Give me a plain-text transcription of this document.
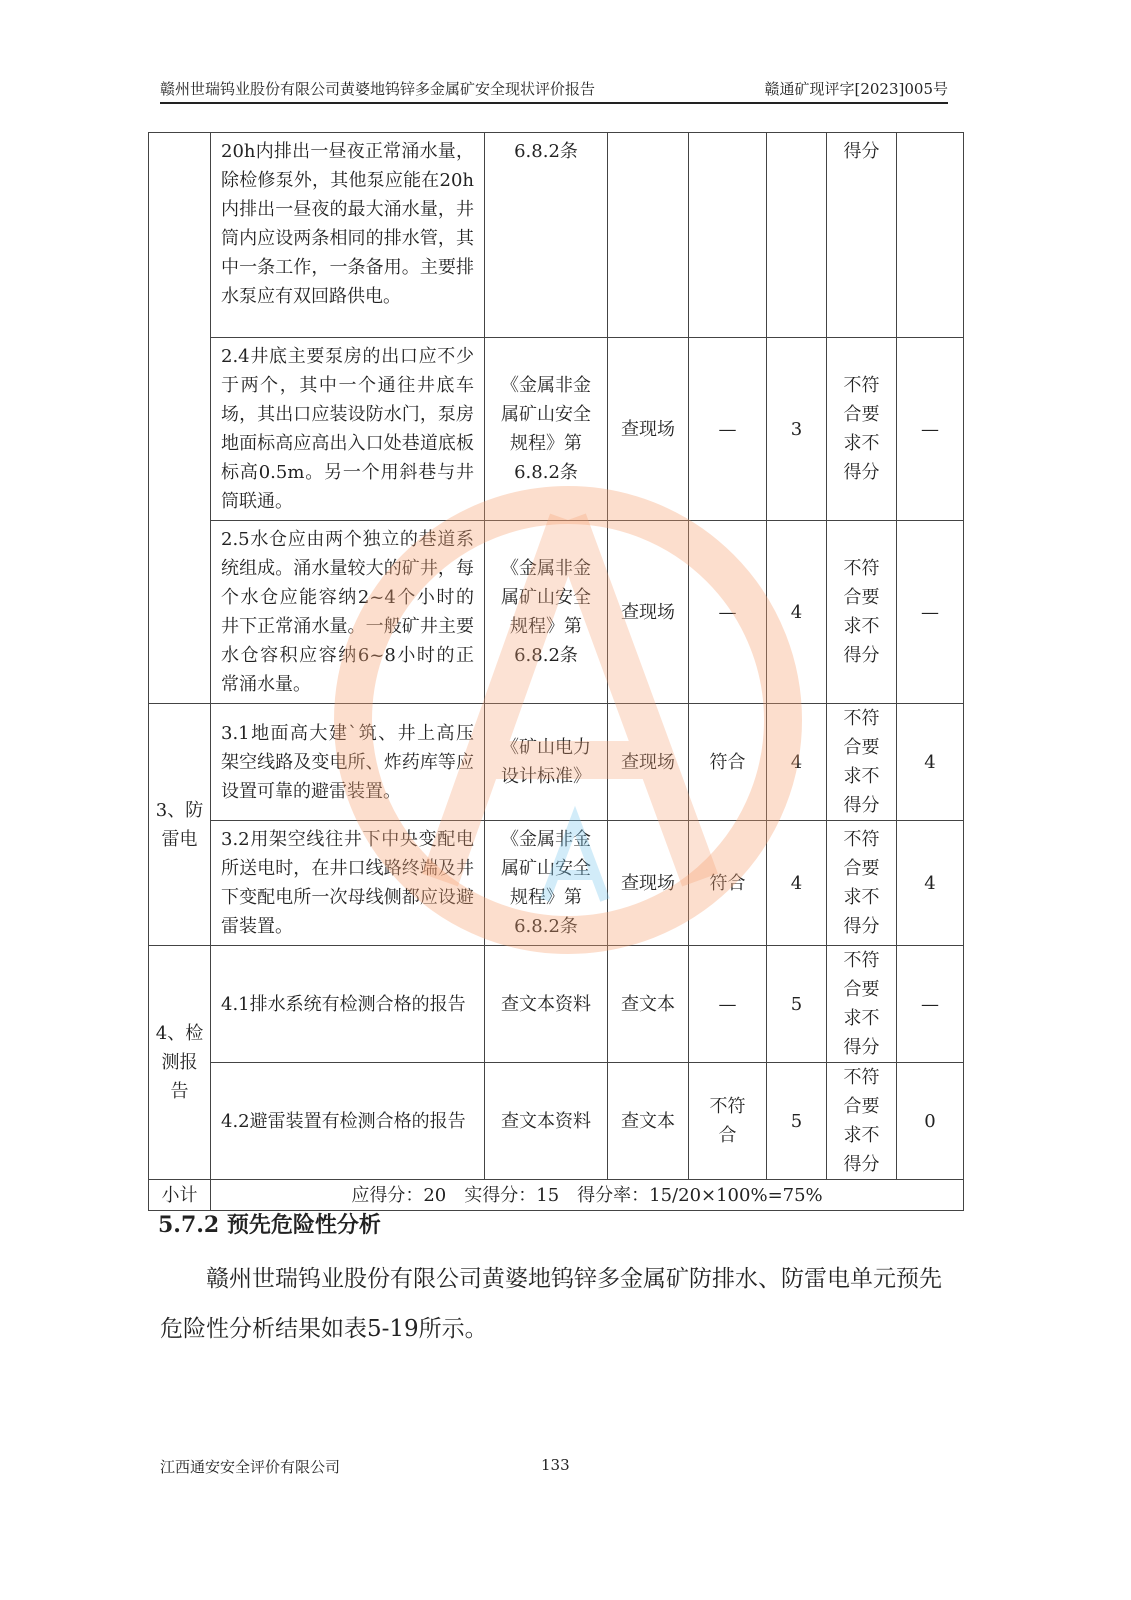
赣州世瑞钨业股份有限公司黄婆地钨锌多金属矿安全现状评价报告	赣通矿现评字[2023]005号
	20h内排出一昼夜正常涌水量，除检修泵外，其他泵应能在20h内排出一昼夜的最大涌水量，井筒内应设两条相同的排水管，其中一条工作，一条备用。主要排水泵应有双回路供电。	6.8.2条				得分	
	2.4井底主要泵房的出口应不少于两个，其中一个通往井底车场，其出口应装设防水门，泵房地面标高应高出入口处巷道底板标高0.5m。另一个用斜巷与井筒联通。	《金属非金属矿山安全规程》第6.8.2条	查现场	—	3	不符合要求不得分	—
	2.5水仓应由两个独立的巷道系统组成。涌水量较大的矿井，每个水仓应能容纳2~4个小时的井下正常涌水量。一般矿井主要水仓容积应容纳6~8小时的正常涌水量。	《金属非金属矿山安全规程》第6.8.2条	查现场	—	4	不符合要求不得分	—
3、防雷电	3.1地面高大建`筑、井上高压架空线路及变电所、炸药库等应设置可靠的避雷装置。	《矿山电力设计标准》	查现场	符合	4	不符合要求不得分	4
	3.2用架空线往井下中央变配电所送电时，在井口线路终端及井下变配电所一次母线侧都应设避雷装置。	《金属非金属矿山安全规程》第6.8.2条	查现场	符合	4	不符合要求不得分	4
4、检测报告	4.1排水系统有检测合格的报告	查文本资料	查文本	—	5	不符合要求不得分	—
	4.2避雷装置有检测合格的报告	查文本资料	查文本	不符合	5	不符合要求不得分	0
小计	应得分：20　实得分：15　得分率：15/20×100%=75%						
5.7.2 预先危险性分析
赣州世瑞钨业股份有限公司黄婆地钨锌多金属矿防排水、防雷电单元预先危险性分析结果如表5-19所示。
江西通安安全评价有限公司	133
